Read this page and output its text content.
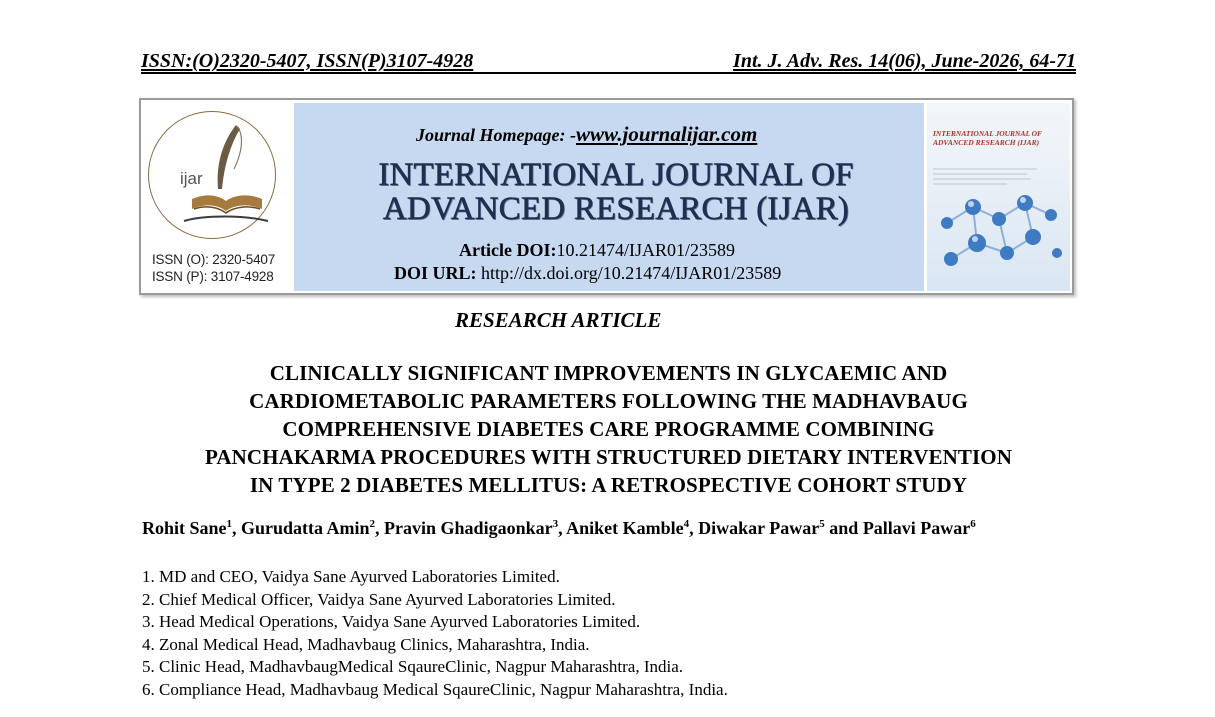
ISSN:(O)2320-5407, ISSN(P)3107-4928	Int. J. Adv. Res. 14(06), June-2026, 64-71
ijar
ISSN (O): 2320-5407
ISSN (P): 3107-4928
Journal Homepage: -www.journalijar.com
INTERNATIONAL JOURNAL OF
ADVANCED RESEARCH (IJAR)
Article DOI:10.21474/IJAR01/23589
DOI URL: http://dx.doi.org/10.21474/IJAR01/23589
INTERNATIONAL JOURNAL OF ADVANCED RESEARCH (IJAR)
RESEARCH ARTICLE
CLINICALLY SIGNIFICANT IMPROVEMENTS IN GLYCAEMIC AND
CARDIOMETABOLIC PARAMETERS FOLLOWING THE MADHAVBAUG
COMPREHENSIVE DIABETES CARE PROGRAMME COMBINING
PANCHAKARMA PROCEDURES WITH STRUCTURED DIETARY INTERVENTION
IN TYPE 2 DIABETES MELLITUS: A RETROSPECTIVE COHORT STUDY
Rohit Sane$^1$, Gurudatta Amin$^2$, Pravin Ghadigaonkar$^3$, Aniket Kamble$^4$, Diwakar Pawar$^5$ and Pallavi Pawar$^6$
1. MD and CEO, Vaidya Sane Ayurved Laboratories Limited.
2. Chief Medical Officer, Vaidya Sane Ayurved Laboratories Limited.
3. Head Medical Operations, Vaidya Sane Ayurved Laboratories Limited.
4. Zonal Medical Head, Madhavbaug Clinics, Maharashtra, India.
5. Clinic Head, MadhavbaugMedical SqaureClinic, Nagpur Maharashtra, India.
6. Compliance Head, Madhavbaug Medical SqaureClinic, Nagpur Maharashtra, India.
